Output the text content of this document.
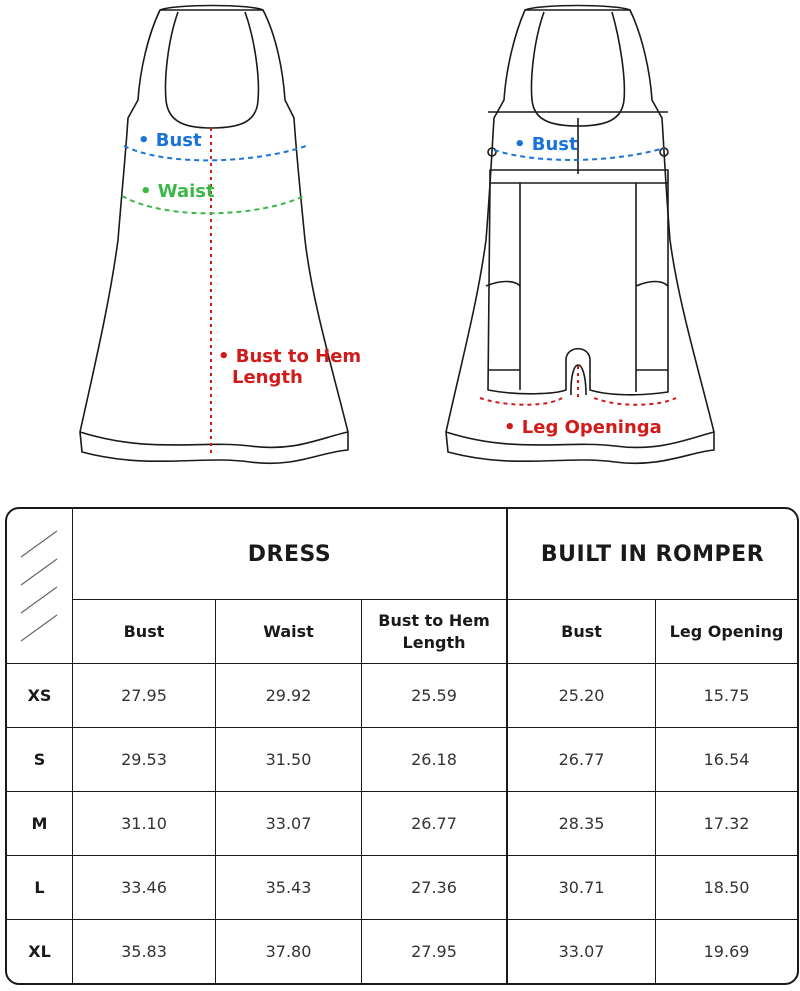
• Bust
• Waist
• Bust to Hem
Length
• Bust
• Leg Openinga
	DRESS			BUILT IN ROMPER	
	Bust	Waist	Bust to Hem Length	Bust	Leg Opening
XS	27.95	29.92	25.59	25.20	15.75
S	29.53	31.50	26.18	26.77	16.54
M	31.10	33.07	26.77	28.35	17.32
L	33.46	35.43	27.36	30.71	18.50
XL	35.83	37.80	27.95	33.07	19.69
